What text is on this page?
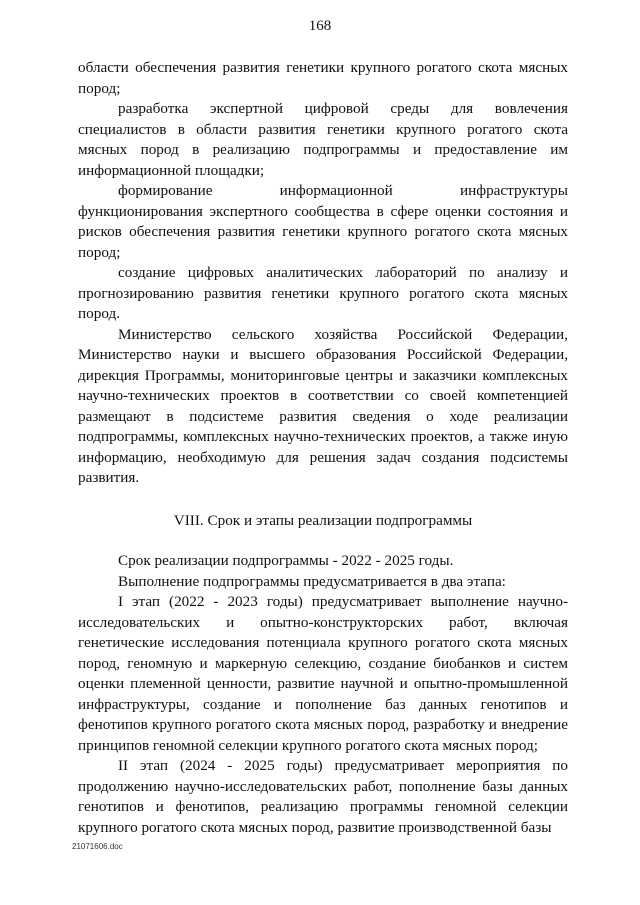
168

области обеспечения развития генетики крупного рогатого скота мясных пород;

разработка экспертной цифровой среды для вовлечения специалистов в области развития генетики крупного рогатого скота мясных пород в реализацию подпрограммы и предоставление им информационной площадки;

формирование информационной инфраструктуры функционирования экспертного сообщества в сфере оценки состояния и рисков обеспечения развития генетики крупного рогатого скота мясных пород;

создание цифровых аналитических лабораторий по анализу и прогнозированию развития генетики крупного рогатого скота мясных пород.

Министерство сельского хозяйства Российской Федерации, Министерство науки и высшего образования Российской Федерации, дирекция Программы, мониторинговые центры и заказчики комплексных научно-технических проектов в соответствии со своей компетенцией размещают в подсистеме развития сведения о ходе реализации подпрограммы, комплексных научно-технических проектов, а также иную информацию, необходимую для решения задач создания подсистемы развития.

VIII. Срок и этапы реализации подпрограммы

Срок реализации подпрограммы - 2022 - 2025 годы.

Выполнение подпрограммы предусматривается в два этапа:

I этап (2022 - 2023 годы) предусматривает выполнение научно-исследовательских и опытно-конструкторских работ, включая генетические исследования потенциала крупного рогатого скота мясных пород, геномную и маркерную селекцию, создание биобанков и систем оценки племенной ценности, развитие научной и опытно-промышленной инфраструктуры, создание и пополнение баз данных генотипов и фенотипов крупного рогатого скота мясных пород, разработку и внедрение принципов геномной селекции крупного рогатого скота мясных пород;

II этап (2024 - 2025 годы) предусматривает мероприятия по продолжению научно-исследовательских работ, пополнение базы данных генотипов и фенотипов, реализацию программы геномной селекции крупного рогатого скота мясных пород, развитие производственной базы

21071606.doc
